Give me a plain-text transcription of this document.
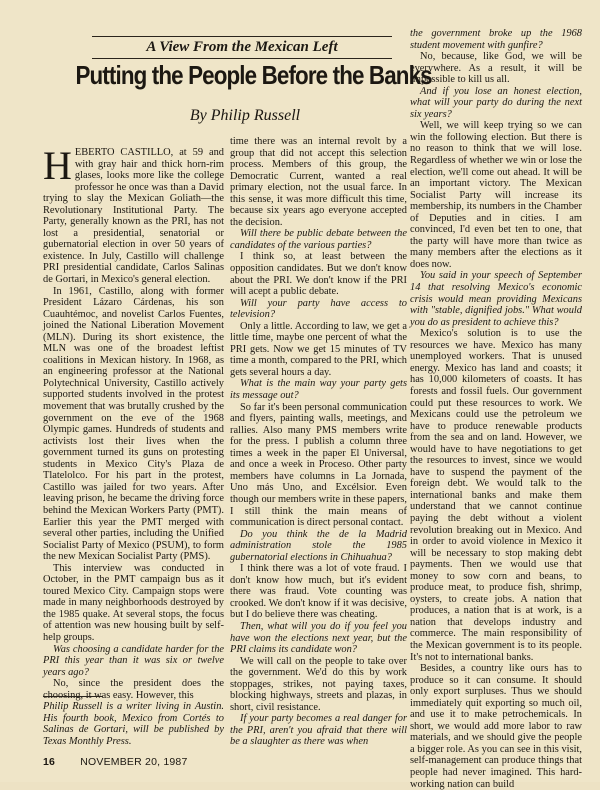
A View From the Mexican Left
Putting the People Before the Banks
By Philip Russell

HEBERTO CASTILLO, at 59 and with gray hair and thick horn-rim glases, looks more like the college professor he once was than a David trying to slay the Mexican Goliath—the Revolutionary Institutional Party. The Party, generally known as the PRI, has not lost a presidential, senatorial or gubernatorial election in over 50 years of existence. In July, Castillo will challenge PRI presidential candidate, Carlos Salinas de Gortari, in Mexico's general election.

In 1961, Castillo, along with former President Lázaro Cárdenas, his son Cuauhtémoc, and novelist Carlos Fuentes, joined the National Liberation Movement (MLN). During its short existence, the MLN was one of the broadest leftist coalitions in Mexican history. In 1968, as an engineering professor at the National Polytechnical University, Castillo actively supported students involved in the protest movement that was brutally crushed by the government on the eve of the 1968 Olympic games. Hundreds of students and activists lost their lives when the government turned its guns on protesting students in Mexico City's Plaza de Tlatelolco. For his part in the protest, Castillo was jailed for two years. After leaving prison, he became the driving force behind the Mexican Workers Party (PMT). Earlier this year the PMT merged with several other parties, including the Unified Socialist Party of Mexico (PSUM), to form the new Mexican Socialist Party (PMS).

This interview was conducted in October, in the PMT campaign bus as it toured Mexico City. Campaign stops were made in many neighborhoods destroyed by the 1985 quake. At several stops, the focus of attention was new housing built by self-help groups.

Was choosing a candidate harder for the PRI this year than it was six or twelve years ago?

No, since the president does the choosing, it was easy. However, this

time there was an internal revolt by a group that did not accept this selection process. Members of this group, the Democratic Current, wanted a real primary election, not the usual farce. In this sense, it was more difficult this time, because six years ago everyone accepted the decision.

Will there be public debate between the candidates of the various parties?

I think so, at least between the opposition candidates. But we don't know about the PRI. We don't know if the PRI will acept a public debate.

Will your party have access to television?

Only a little. According to law, we get a little time, maybe one percent of what the PRI gets. Now we get 15 minutes of TV time a month, compared to the PRI, which gets several hours a day.

What is the main way your party gets its message out?

So far it's been personal communication and flyers, painting walls, meetings, and rallies. Also many PMS members write for the press. I publish a column three times a week in the paper El Universal, and once a week in Proceso. Other party members have columns in La Jornada, Uno más Uno, and Excélsior. Even though our members write in these papers, I still think the main means of communication is direct personal contact.

Do you think the de la Madrid administration stole the 1985 gubernatorial elections in Chihuahua?

I think there was a lot of vote fraud. I don't know how much, but it's evident there was fraud. Vote counting was crooked. We don't know if it was decisive, but I do believe there was cheating.

Then, what will you do if you feel you have won the elections next year, but the PRI claims its candidate won?

We will call on the people to take over the government. We'd do this by work stoppages, strikes, not paying taxes, blocking highways, streets and plazas, in short, civil resistance.

If your party becomes a real danger for the PRI, aren't you afraid that there will be a slaughter as there was when

the government broke up the 1968 student movement with gunfire?

No, because, like God, we will be everywhere. As a result, it will be impossible to kill us all.

And if you lose an honest election, what will your party do during the next six years?

Well, we will keep trying so we can win the following election. But there is no reason to think that we will lose. Regardless of whether we win or lose the election, we'll come out ahead. It will be an important victory. The Mexican Socialist Party will increase its membership, its numbers in the Chamber of Deputies and in cities. I am convinced, I'd even bet ten to one, that the party will have more than twice as many members after the elections as it does now.

You said in your speech of September 14 that resolving Mexico's economic crisis would mean providing Mexicans with "stable, dignified jobs." What would you do as president to achieve this?

Mexico's solution is to use the resources we have. Mexico has many unemployed workers. That is unused energy. Mexico has land and coasts; it has 10,000 kilometers of coasts. It has forests and fossil fuels. Our government could put these resources to work. We Mexicans could use the petroleum we have to produce renewable products from the sea and on land. However, we would have to have negotiations to get the resources to invest, since we would have to suspend the payment of the foreign debt. We would talk to the international banks and make them understand that we cannot continue paying the debt without a violent revolution breaking out in Mexico. And in order to avoid violence in Mexico it will be necessary to stop making debt payments. Then we would use that money to sow corn and beans, to produce meat, to produce fish, shrimp, oysters, to create jobs. A nation that produces, a nation that is at work, is a nation that develops industry and commerce. The main responsibility of the Mexican government is to its people. It's not to international banks.

Besides, a country like ours has to produce so it can consume. It should only export surpluses. Thus we should immediately quit exporting so much oil, and use it to make petrochemicals. In short, we would add more labor to raw materials, and we should give the people a bigger role. As you can see in this visit, self-management can produce things that people had never imagined. This hard-working nation can build

Philip Russell is a writer living in Austin. His fourth book, Mexico from Cortés to Salinas de Gortari, will be published by Texas Monthly Press.
16 NOVEMBER 20, 1987
